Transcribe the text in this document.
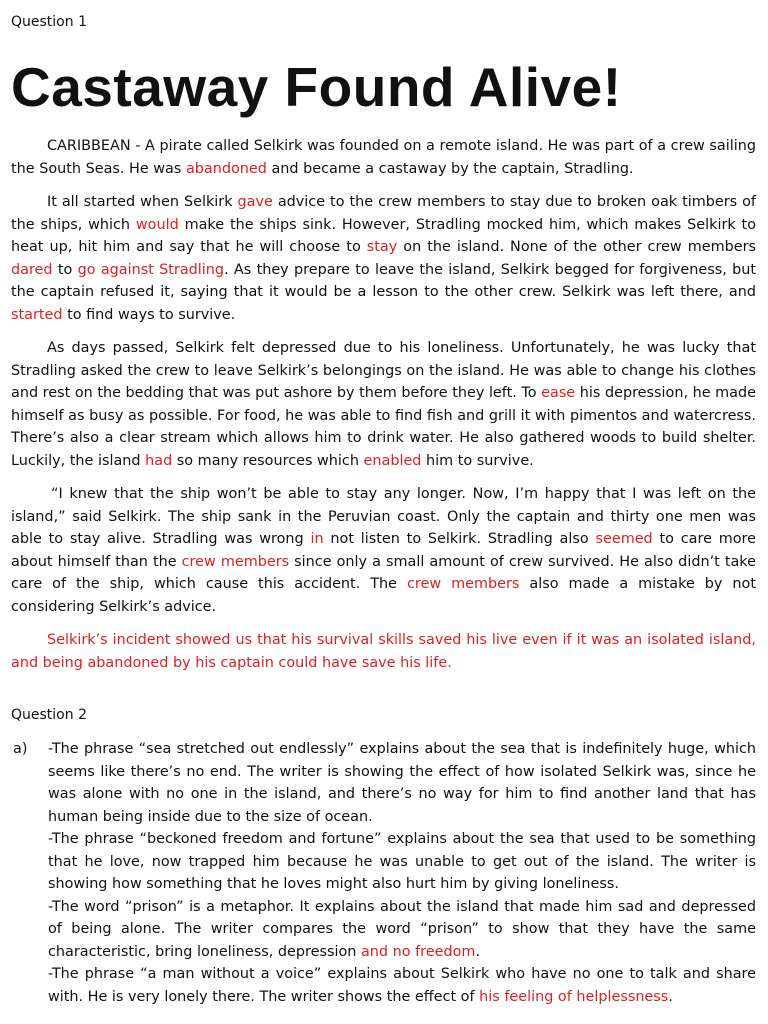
Question 1

Castaway Found Alive!

CARIBBEAN - A pirate called Selkirk was founded on a remote island. He was part of a crew sailing the South Seas. He was abandoned and became a castaway by the captain, Stradling.

It all started when Selkirk gave advice to the crew members to stay due to broken oak timbers of the ships, which would make the ships sink. However, Stradling mocked him, which makes Selkirk to heat up, hit him and say that he will choose to stay on the island. None of the other crew members dared to go against Stradling. As they prepare to leave the island, Selkirk begged for forgiveness, but the captain refused it, saying that it would be a lesson to the other crew. Selkirk was left there, and started to find ways to survive.

As days passed, Selkirk felt depressed due to his loneliness. Unfortunately, he was lucky that Stradling asked the crew to leave Selkirk’s belongings on the island. He was able to change his clothes and rest on the bedding that was put ashore by them before they left. To ease his depression, he made himself as busy as possible. For food, he was able to find fish and grill it with pimentos and watercress. There’s also a clear stream which allows him to drink water. He also gathered woods to build shelter. Luckily, the island had so many resources which enabled him to survive.

“I knew that the ship won’t be able to stay any longer. Now, I’m happy that I was left on the island,” said Selkirk. The ship sank in the Peruvian coast. Only the captain and thirty one men was able to stay alive. Stradling was wrong in not listen to Selkirk. Stradling also seemed to care more about himself than the crew members since only a small amount of crew survived. He also didn’t take care of the ship, which cause this accident. The crew members also made a mistake by not considering Selkirk’s advice.

Selkirk’s incident showed us that his survival skills saved his live even if it was an isolated island, and being abandoned by his captain could have save his life.

Question 2

a) -The phrase “sea stretched out endlessly” explains about the sea that is indefinitely huge, which seems like there’s no end. The writer is showing the effect of how isolated Selkirk was, since he was alone with no one in the island, and there’s no way for him to find another land that has human being inside due to the size of ocean.

-The phrase “beckoned freedom and fortune” explains about the sea that used to be something that he love, now trapped him because he was unable to get out of the island. The writer is showing how something that he loves might also hurt him by giving loneliness.

-The word “prison” is a metaphor. It explains about the island that made him sad and depressed of being alone. The writer compares the word “prison” to show that they have the same characteristic, bring loneliness, depression and no freedom.

-The phrase “a man without a voice” explains about Selkirk who have no one to talk and share with. He is very lonely there. The writer shows the effect of his feeling of helplessness.
